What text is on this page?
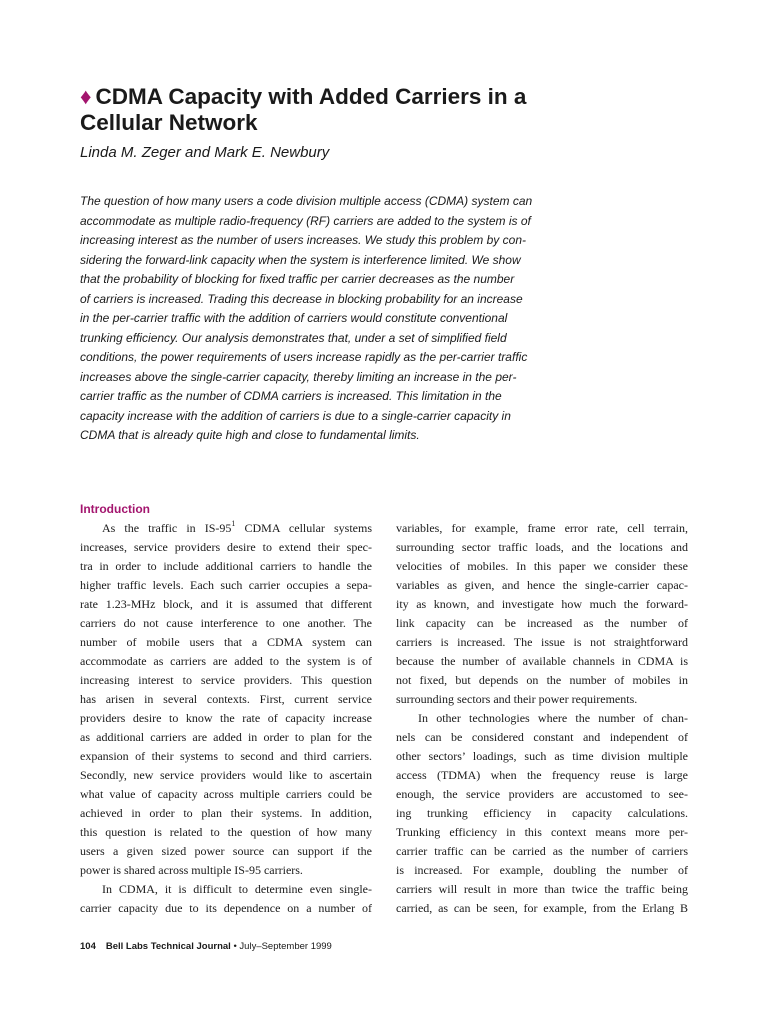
♦ CDMA Capacity with Added Carriers in a
Cellular Network

Linda M. Zeger and Mark E. Newbury

The question of how many users a code division multiple access (CDMA) system can
accommodate as multiple radio-frequency (RF) carriers are added to the system is of
increasing interest as the number of users increases. We study this problem by con-
sidering the forward-link capacity when the system is interference limited. We show
that the probability of blocking for fixed traffic per carrier decreases as the number
of carriers is increased. Trading this decrease in blocking probability for an increase
in the per-carrier traffic with the addition of carriers would constitute conventional
trunking efficiency. Our analysis demonstrates that, under a set of simplified field
conditions, the power requirements of users increase rapidly as the per-carrier traffic
increases above the single-carrier capacity, thereby limiting an increase in the per-
carrier traffic as the number of CDMA carriers is increased. This limitation in the
capacity increase with the addition of carriers is due to a single-carrier capacity in
CDMA that is already quite high and close to fundamental limits.

Introduction
As the traffic in $IS-95^1$ CDMA cellular systems
increases, service providers desire to extend their spec-
tra in order to include additional carriers to handle the
higher traffic levels. Each such carrier occupies a sepa-
rate 1.23-MHz block, and it is assumed that different
carriers do not cause interference to one another. The
number of mobile users that a CDMA system can
accommodate as carriers are added to the system is of
increasing interest to service providers. This question
has arisen in several contexts. First, current service
providers desire to know the rate of capacity increase
as additional carriers are added in order to plan for the
expansion of their systems to second and third carriers.
Secondly, new service providers would like to ascertain
what value of capacity across multiple carriers could be
achieved in order to plan their systems. In addition,
this question is related to the question of how many
users a given sized power source can support if the
power is shared across multiple IS-95 carriers.
In CDMA, it is difficult to determine even single-
carrier capacity due to its dependence on a number of
variables, for example, frame error rate, cell terrain,
surrounding sector traffic loads, and the locations and
velocities of mobiles. In this paper we consider these
variables as given, and hence the single-carrier capac-
ity as known, and investigate how much the forward-
link capacity can be increased as the number of
carriers is increased. The issue is not straightforward
because the number of available channels in CDMA is
not fixed, but depends on the number of mobiles in
surrounding sectors and their power requirements.
In other technologies where the number of chan-
nels can be considered constant and independent of
other sectors’ loadings, such as time division multiple
access (TDMA) when the frequency reuse is large
enough, the service providers are accustomed to see-
ing trunking efficiency in capacity calculations.
Trunking efficiency in this context means more per-
carrier traffic can be carried as the number of carriers
is increased. For example, doubling the number of
carriers will result in more than twice the traffic being
carried, as can be seen, for example, from the Erlang B
104 Bell Labs Technical Journal • July–September 1999
